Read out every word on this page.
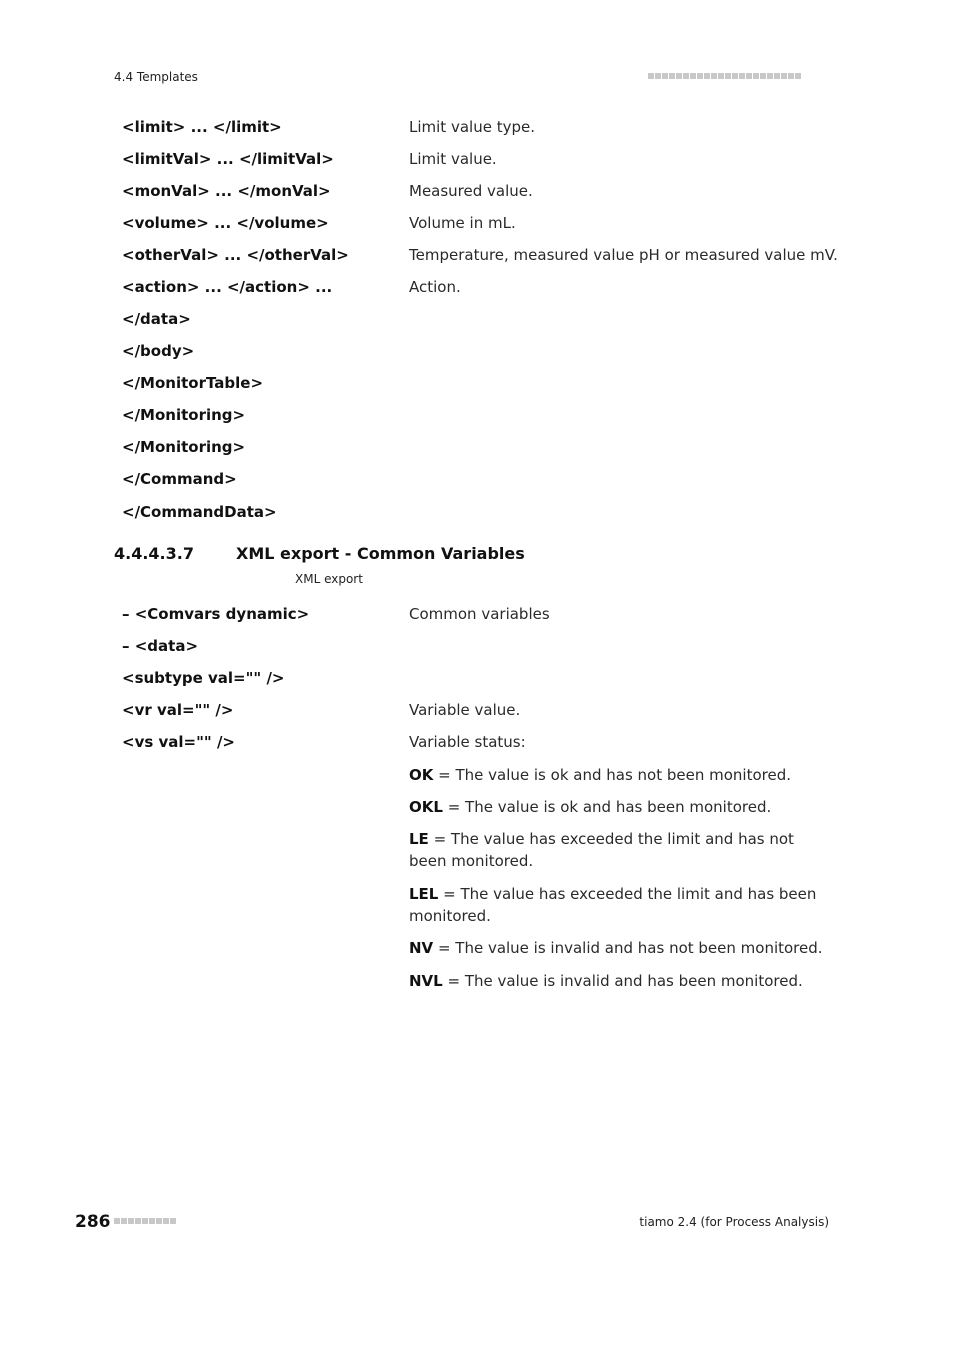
4.4 Templates
<limit> ... </limit>	Limit value type.
<limitVal> ... </limitVal>	Limit value.
<monVal> ... </monVal>	Measured value.
<volume> ... </volume>	Volume in mL.
<otherVal> ... </otherVal>	Temperature, measured value pH or measured value mV.
<action> ... </action> ...	Action.
</data>
</body>
</MonitorTable>
</Monitoring>
</Monitoring>
</Command>
</CommandData>
4.4.4.3.7	XML export - Common Variables
XML export
– <Comvars dynamic>	Common variables
– <data>
<subtype val="" />
<vr val="" />	Variable value.
<vs val="" />	Variable status:
OK = The value is ok and has not been monitored.
OKL = The value is ok and has been monitored.
LE = The value has exceeded the limit and has not been monitored.
LEL = The value has exceeded the limit and has been monitored.
NV = The value is invalid and has not been monitored.
NVL = The value is invalid and has been monitored.
286	tiamo 2.4 (for Process Analysis)
